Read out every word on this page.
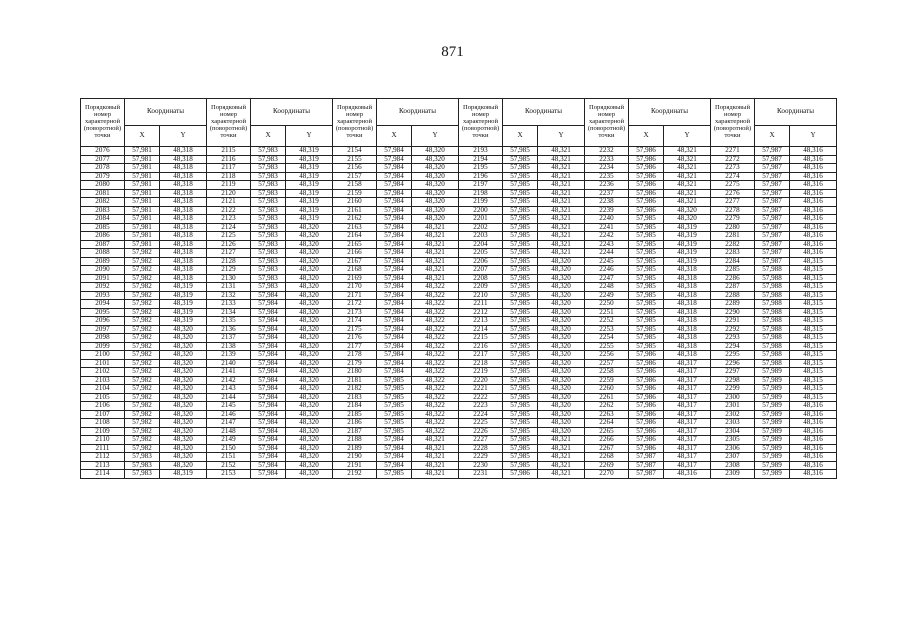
871
Порядковый номер характерной (поворотной) точки	Координаты		Порядковый номер характерной (поворотной) точки	Координаты		Порядковый номер характерной (поворотной) точки	Координаты		Порядковый номер характерной (поворотной) точки	Координаты		Порядковый номер характерной (поворотной) точки	Координаты		Порядковый номер характерной (поворотной) точки	Координаты	
	X	Y		X	Y		X	Y		X	Y		X	Y		X	Y
2076	57,981	48,318	2115	57,983	48,319	2154	57,984	48,320	2193	57,985	48,321	2232	57,986	48,321	2271	57,987	48,316
2077	57,981	48,318	2116	57,983	48,319	2155	57,984	48,320	2194	57,985	48,321	2233	57,986	48,321	2272	57,987	48,316
2078	57,981	48,318	2117	57,983	48,319	2156	57,984	48,320	2195	57,985	48,321	2234	57,986	48,321	2273	57,987	48,316
2079	57,981	48,318	2118	57,983	48,319	2157	57,984	48,320	2196	57,985	48,321	2235	57,986	48,321	2274	57,987	48,316
2080	57,981	48,318	2119	57,983	48,319	2158	57,984	48,320	2197	57,985	48,321	2236	57,986	48,321	2275	57,987	48,316
2081	57,981	48,318	2120	57,983	48,319	2159	57,984	48,320	2198	57,985	48,321	2237	57,986	48,321	2276	57,987	48,316
2082	57,981	48,318	2121	57,983	48,319	2160	57,984	48,320	2199	57,985	48,321	2238	57,986	48,321	2277	57,987	48,316
2083	57,981	48,318	2122	57,983	48,319	2161	57,984	48,320	2200	57,985	48,321	2239	57,986	48,320	2278	57,987	48,316
2084	57,981	48,318	2123	57,983	48,319	2162	57,984	48,320	2201	57,985	48,321	2240	57,985	48,320	2279	57,987	48,316
2085	57,981	48,318	2124	57,983	48,320	2163	57,984	48,321	2202	57,985	48,321	2241	57,985	48,319	2280	57,987	48,316
2086	57,981	48,318	2125	57,983	48,320	2164	57,984	48,321	2203	57,985	48,321	2242	57,985	48,319	2281	57,987	48,316
2087	57,981	48,318	2126	57,983	48,320	2165	57,984	48,321	2204	57,985	48,321	2243	57,985	48,319	2282	57,987	48,316
2088	57,982	48,318	2127	57,983	48,320	2166	57,984	48,321	2205	57,985	48,321	2244	57,985	48,319	2283	57,987	48,316
2089	57,982	48,318	2128	57,983	48,320	2167	57,984	48,321	2206	57,985	48,320	2245	57,985	48,319	2284	57,987	48,315
2090	57,982	48,318	2129	57,983	48,320	2168	57,984	48,321	2207	57,985	48,320	2246	57,985	48,318	2285	57,988	48,315
2091	57,982	48,318	2130	57,983	48,320	2169	57,984	48,321	2208	57,985	48,320	2247	57,985	48,318	2286	57,988	48,315
2092	57,982	48,319	2131	57,983	48,320	2170	57,984	48,322	2209	57,985	48,320	2248	57,985	48,318	2287	57,988	48,315
2093	57,982	48,319	2132	57,984	48,320	2171	57,984	48,322	2210	57,985	48,320	2249	57,985	48,318	2288	57,988	48,315
2094	57,982	48,319	2133	57,984	48,320	2172	57,984	48,322	2211	57,985	48,320	2250	57,985	48,318	2289	57,988	48,315
2095	57,982	48,319	2134	57,984	48,320	2173	57,984	48,322	2212	57,985	48,320	2251	57,985	48,318	2290	57,988	48,315
2096	57,982	48,319	2135	57,984	48,320	2174	57,984	48,322	2213	57,985	48,320	2252	57,985	48,318	2291	57,988	48,315
2097	57,982	48,320	2136	57,984	48,320	2175	57,984	48,322	2214	57,985	48,320	2253	57,985	48,318	2292	57,988	48,315
2098	57,982	48,320	2137	57,984	48,320	2176	57,984	48,322	2215	57,985	48,320	2254	57,985	48,318	2293	57,988	48,315
2099	57,982	48,320	2138	57,984	48,320	2177	57,984	48,322	2216	57,985	48,320	2255	57,985	48,318	2294	57,988	48,315
2100	57,982	48,320	2139	57,984	48,320	2178	57,984	48,322	2217	57,985	48,320	2256	57,986	48,318	2295	57,988	48,315
2101	57,982	48,320	2140	57,984	48,320	2179	57,984	48,322	2218	57,985	48,320	2257	57,986	48,317	2296	57,988	48,315
2102	57,982	48,320	2141	57,984	48,320	2180	57,984	48,322	2219	57,985	48,320	2258	57,986	48,317	2297	57,989	48,315
2103	57,982	48,320	2142	57,984	48,320	2181	57,985	48,322	2220	57,985	48,320	2259	57,986	48,317	2298	57,989	48,315
2104	57,982	48,320	2143	57,984	48,320	2182	57,985	48,322	2221	57,985	48,320	2260	57,986	48,317	2299	57,989	48,315
2105	57,982	48,320	2144	57,984	48,320	2183	57,985	48,322	2222	57,985	48,320	2261	57,986	48,317	2300	57,989	48,315
2106	57,982	48,320	2145	57,984	48,320	2184	57,985	48,322	2223	57,985	48,320	2262	57,986	48,317	2301	57,989	48,316
2107	57,982	48,320	2146	57,984	48,320	2185	57,985	48,322	2224	57,985	48,320	2263	57,986	48,317	2302	57,989	48,316
2108	57,982	48,320	2147	57,984	48,320	2186	57,985	48,322	2225	57,985	48,320	2264	57,986	48,317	2303	57,989	48,316
2109	57,982	48,320	2148	57,984	48,320	2187	57,985	48,322	2226	57,985	48,320	2265	57,986	48,317	2304	57,989	48,316
2110	57,982	48,320	2149	57,984	48,320	2188	57,984	48,321	2227	57,985	48,321	2266	57,986	48,317	2305	57,989	48,316
2111	57,982	48,320	2150	57,984	48,320	2189	57,984	48,321	2228	57,985	48,321	2267	57,986	48,317	2306	57,989	48,316
2112	57,983	48,320	2151	57,984	48,320	2190	57,984	48,321	2229	57,985	48,321	2268	57,987	48,317	2307	57,989	48,316
2113	57,983	48,320	2152	57,984	48,320	2191	57,984	48,321	2230	57,985	48,321	2269	57,987	48,317	2308	57,989	48,316
2114	57,983	48,319	2153	57,984	48,320	2192	57,985	48,321	2231	57,986	48,321	2270	57,987	48,316	2309	57,989	48,316
